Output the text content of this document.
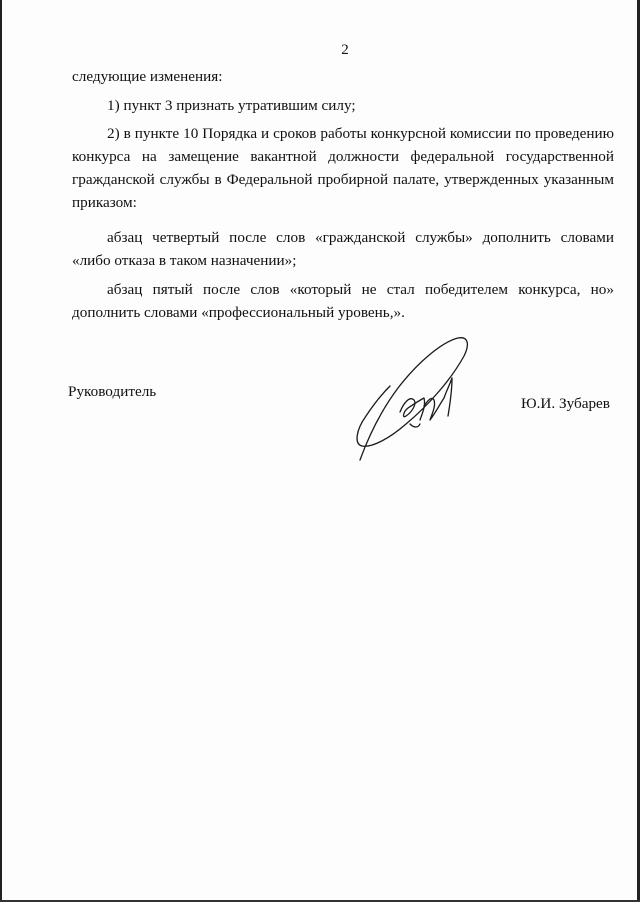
2

следующие изменения:

1) пункт 3 признать утратившим силу;

2) в пункте 10 Порядка и сроков работы конкурсной комиссии по проведению конкурса на замещение вакантной должности федеральной государственной гражданской службы в Федеральной пробирной палате, утвержденных указанным приказом:

абзац четвертый после слов «гражданской службы» дополнить словами «либо отказа в таком назначении»;

абзац пятый после слов «который не стал победителем конкурса, но» дополнить словами «профессиональный уровень,».

Руководитель
Ю.И. Зубарев
